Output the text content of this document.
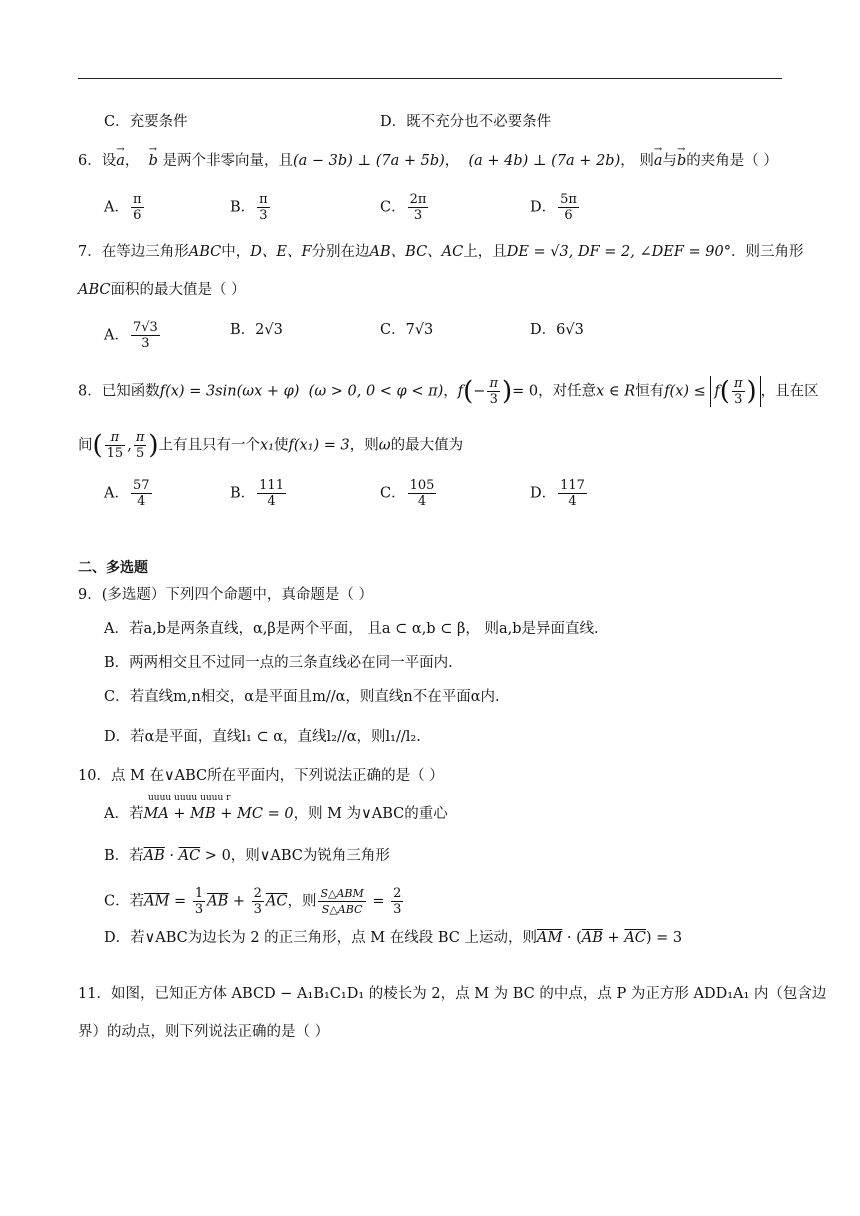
C．充要条件	D．既不充分也不必要条件
6．设→ a， → b 是两个非零向量，且(a − 3b) ⊥ (7a + 5b)， (a + 4b) ⊥ (7a + 2b)， 则→ a与→ b的夹角是（ ）
A． $\frac{\pi}{6}$	B． $\frac{\pi}{3}$	C． $\frac{2\pi}{3}$	D． $\frac{5\pi}{6}$
7．在等边三角形ABC中，D、E、F分别在边AB、BC、AC上，且DE = √3, DF = 2, ∠DEF = 90°．则三角形
ABC面积的最大值是（ ）
A． $\frac{7√3}{3}$	B．2√3	C．7√3	D．6√3
8．已知函数f(x) = 3sin(ωx + φ) (ω > 0, 0 < φ < π)，$f(- \frac{\pi}{3}$ )= 0，对任意x ∈ R恒有$f(x) \le f( \frac{\pi}{3}$ ) ，且在区
间( $\frac{\pi}{15}$ , $\frac{\pi}{5}$ )上有且只有一个x₁使f(x₁) = 3，则ω的最大值为
A． $\frac{57}{4}$	B． $\frac{111}{4}$	C． $\frac{105}{4}$	D． $\frac{117}{4}$
二、多选题
9．(多选题）下列四个命题中，真命题是（ ）
A．若a,b是两条直线，α,β是两个平面， 且a ⊂ α,b ⊂ β， 则a,b是异面直线.
B．两两相交且不过同一点的三条直线必在同一平面内.
C．若直线m,n相交，α是平面且m//α，则直线n不在平面α内.
D．若α是平面，直线l₁ ⊂ α，直线l₂//α，则l₁//l₂.
10．点 M 在∨ABC所在平面内，下列说法正确的是（ ）
uuuu uuuu uuuu r
A．若MA + MB + MC = 0，则 M 为∨ABC的重心
B．若$\overline{AB} \cdot \overline{AC} > 0$，则∨ABC为锐角三角形
C．若$\overline{AM} = \frac{1}{3} \overline{AB} + \frac{2}{3} \overline{AC}$，则 $\frac{\text{S△ABM}}{\text{S△ABC}} = \frac{2}{3}$
D．若∨ABC为边长为 2 的正三角形，点 M 在线段 BC 上运动，则$\overline{AM} \cdot (\overline{AB} + \overline{AC}) = 3$
11．如图，已知正方体 ABCD − A₁B₁C₁D₁ 的棱长为 2，点 M 为 BC 的中点，点 P 为正方形 ADD₁A₁ 内（包含边
界）的动点，则下列说法正确的是（ ）
